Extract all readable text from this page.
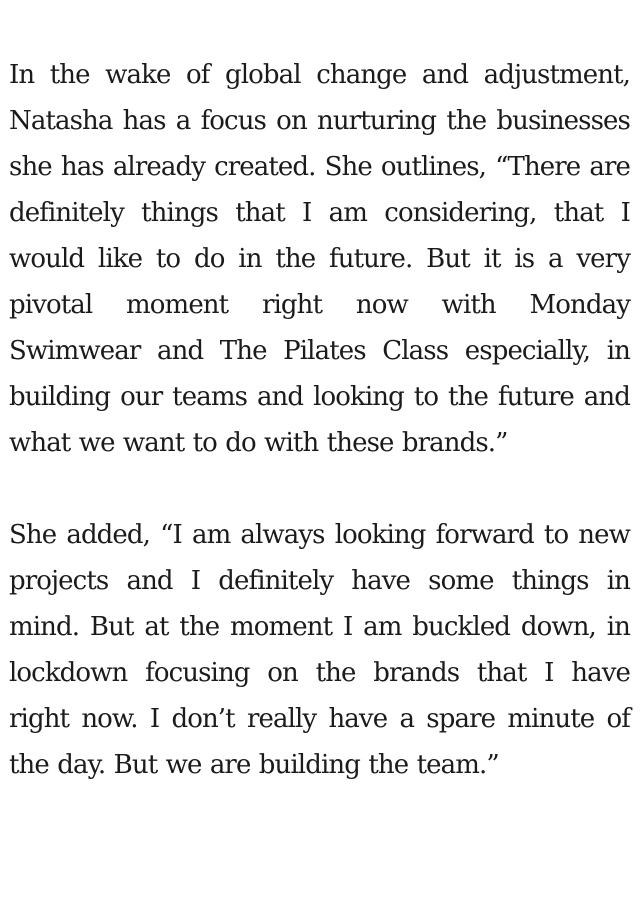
In the wake of global change and adjustment, Natasha has a focus on nurturing the businesses she has already created. She outlines, “There are definitely things that I am considering, that I would like to do in the future. But it is a very pivotal moment right now with Monday Swimwear and The Pilates Class especially, in building our teams and looking to the future and what we want to do with these brands.”

She added, “I am always looking forward to new projects and I definitely have some things in mind. But at the moment I am buckled down, in lockdown focusing on the brands that I have right now. I don’t really have a spare minute of the day. But we are building the team.”
